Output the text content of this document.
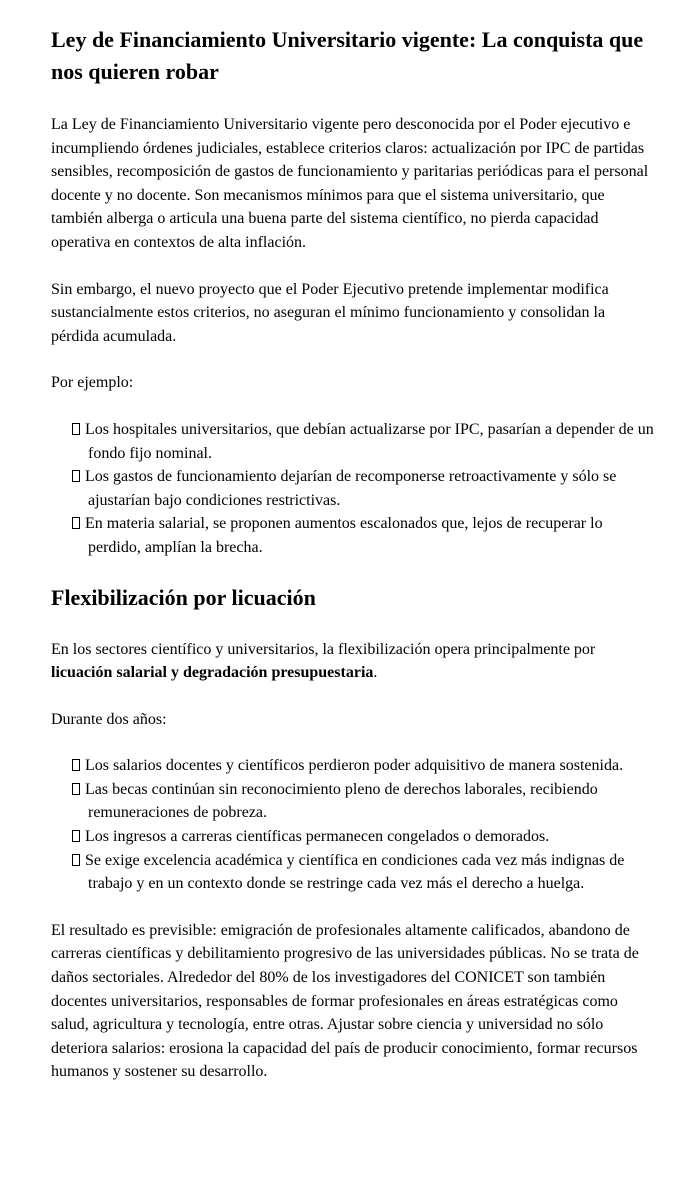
Ley de Financiamiento Universitario vigente: La conquista que nos quieren robar

La Ley de Financiamiento Universitario vigente pero desconocida por el Poder ejecutivo e incumpliendo órdenes judiciales, establece criterios claros: actualización por IPC de partidas sensibles, recomposición de gastos de funcionamiento y paritarias periódicas para el personal docente y no docente. Son mecanismos mínimos para que el sistema universitario, que también alberga o articula una buena parte del sistema científico, no pierda capacidad operativa en contextos de alta inflación.

Sin embargo, el nuevo proyecto que el Poder Ejecutivo pretende implementar modifica sustancialmente estos criterios, no aseguran el mínimo funcionamiento y consolidan la pérdida acumulada.

Por ejemplo:

Los hospitales universitarios, que debían actualizarse por IPC, pasarían a depender de un fondo fijo nominal.
Los gastos de funcionamiento dejarían de recomponerse retroactivamente y sólo se ajustarían bajo condiciones restrictivas.
En materia salarial, se proponen aumentos escalonados que, lejos de recuperar lo perdido, amplían la brecha.
Flexibilización por licuación

En los sectores científico y universitarios, la flexibilización opera principalmente por licuación salarial y degradación presupuestaria.

Durante dos años:

Los salarios docentes y científicos perdieron poder adquisitivo de manera sostenida.
Las becas continúan sin reconocimiento pleno de derechos laborales, recibiendo remuneraciones de pobreza.
Los ingresos a carreras científicas permanecen congelados o demorados.
Se exige excelencia académica y científica en condiciones cada vez más indignas de trabajo y en un contexto donde se restringe cada vez más el derecho a huelga.

El resultado es previsible: emigración de profesionales altamente calificados, abandono de carreras científicas y debilitamiento progresivo de las universidades públicas. No se trata de daños sectoriales. Alrededor del 80% de los investigadores del CONICET son también docentes universitarios, responsables de formar profesionales en áreas estratégicas como salud, agricultura y tecnología, entre otras. Ajustar sobre ciencia y universidad no sólo deteriora salarios: erosiona la capacidad del país de producir conocimiento, formar recursos humanos y sostener su desarrollo.
